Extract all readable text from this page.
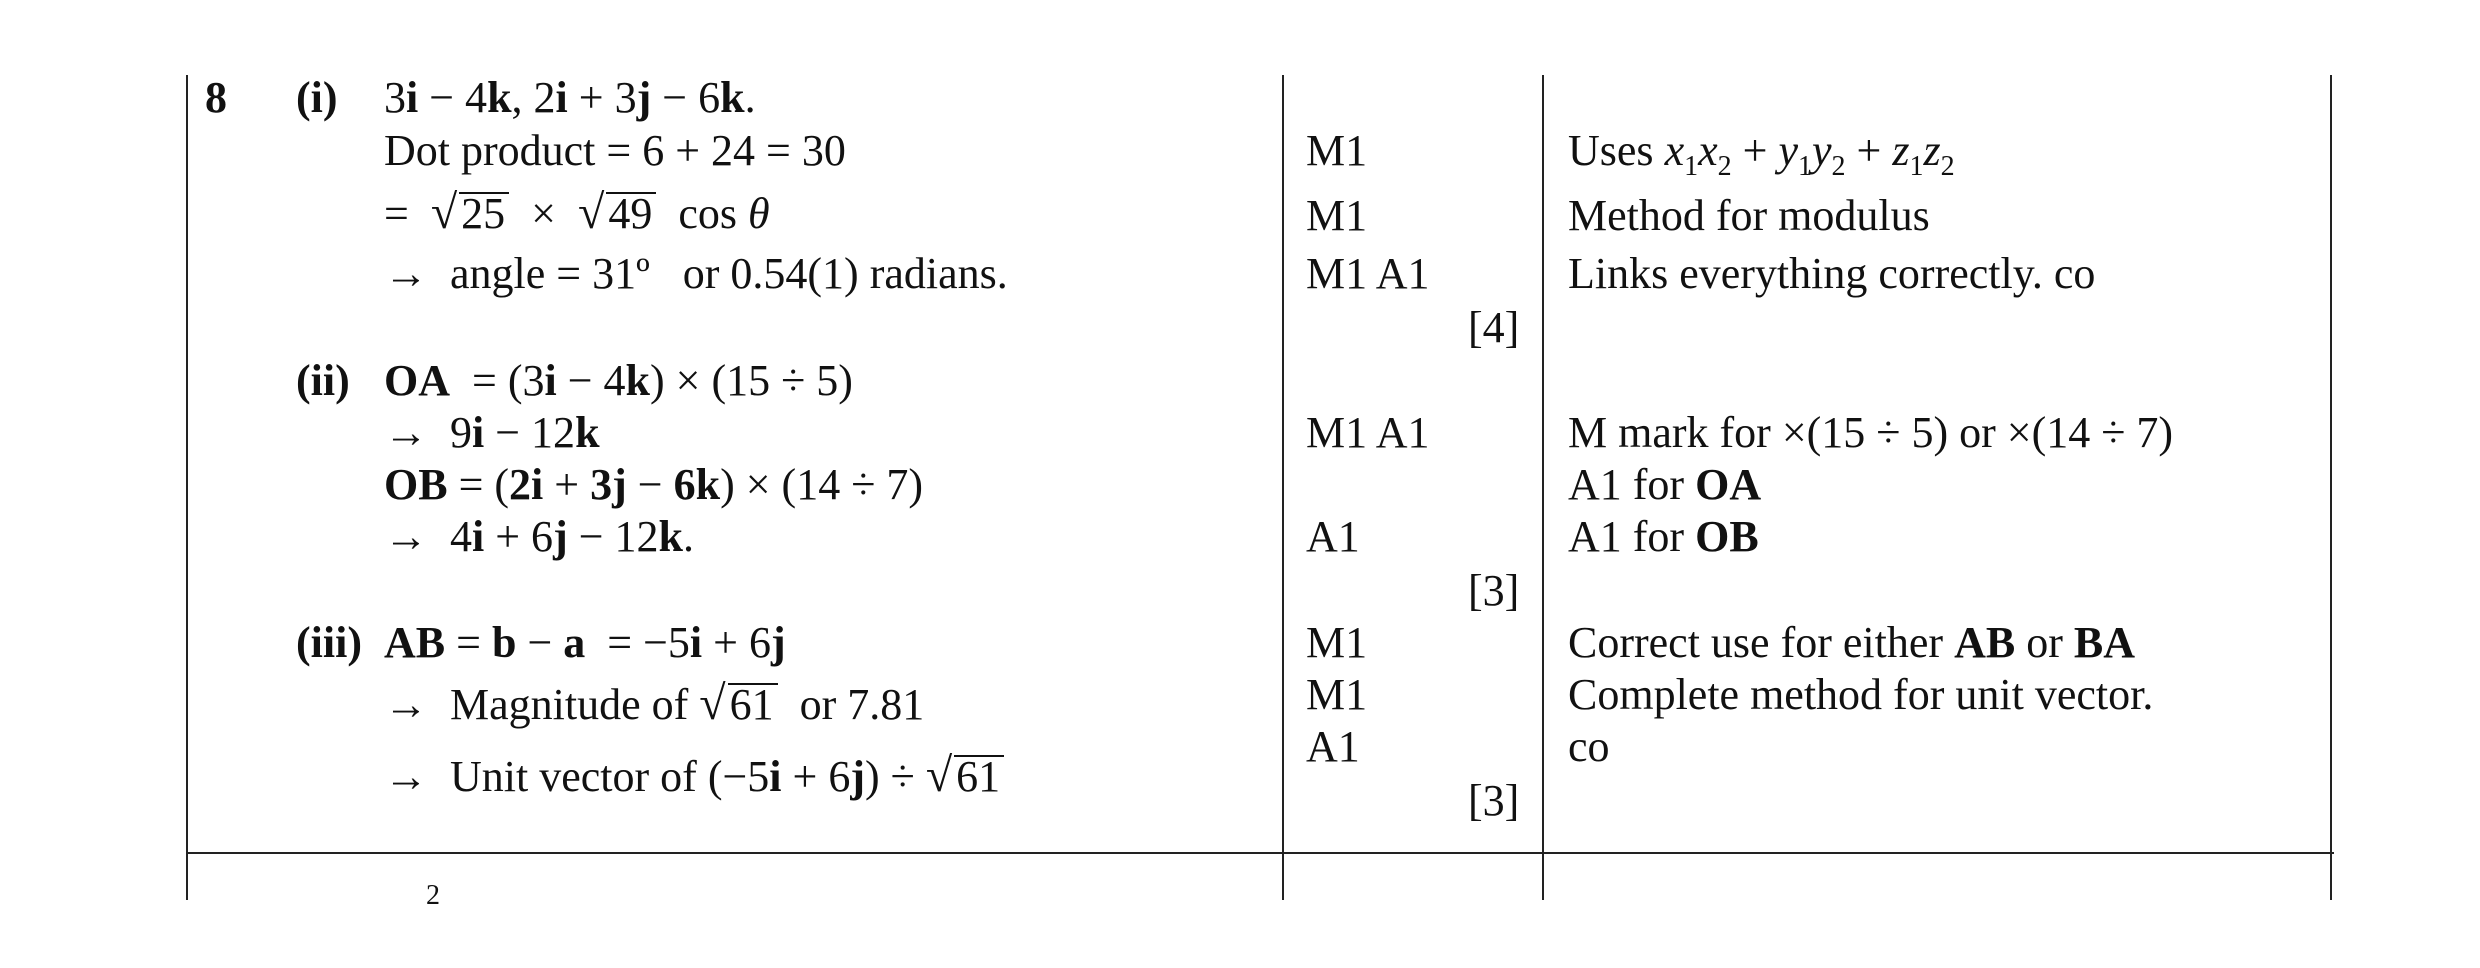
8 (i) 3i − 4k, 2i + 3j − 6k.
Dot product = 6 + 24 = 30
=  √25  ×  √49  cos θ
→  angle = 31º   or 0.54(1) radians.
M1
M1
M1 A1
[4]
Uses $x_1x_2 + y_1y_2 + z_1z_2$
Method for modulus
Links everything correctly. co
(ii) OA  = (3i − 4k) × (15 ÷ 5)
→  9i − 12k
OB = (2i + 3j − 6k) × (14 ÷ 7)
→  4i + 6j − 12k.
M1 A1
A1
[3]
M mark for ×(15 ÷ 5) or ×(14 ÷ 7)
A1 for OA
A1 for OB
(iii) AB = b − a  = −5i + 6j
→  Magnitude of √61  or 7.81
→  Unit vector of (−5i + 6j) ÷ √61
M1
M1
A1
[3]
Correct use for either AB or BA
Complete method for unit vector.
co
2
